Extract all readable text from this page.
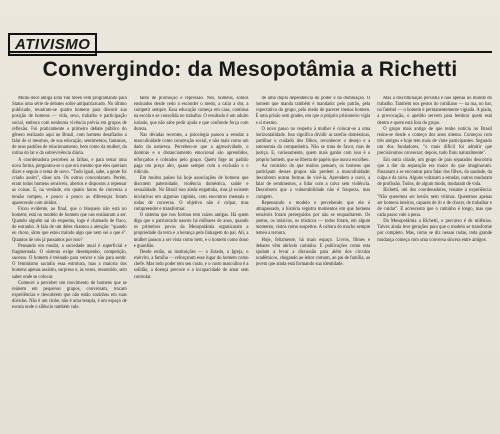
ATIVISMO
Convergindo: da Mesopotâmia a Richetti

Muito doce amiga Edla Van Steen vem programando para Status uma série de debates sobre antipatriarcado. No último publicado, reuniram-se quatro homens para discutir sua posição de homens — vida, sexo, trabalho e participação social, embora com nenhuma vivência prévia em grupos de reflexão. Foi praticamente o primeiro debate público do gênero realizado aqui no Brasil, com homens desafiados a falar de si mesmos, de sua educação, sentimentos, fantasias, de seus padrões de relacionamento, bem como da mulher, da rotina do lar e da sobrevivência diária.

A coordenadora percebeu as falhas, e para testar uma nova forma, perguntou-se o que era mesmo que eles queriam dizer e seguiu o tema de novo. "Tudo igual, sabe, a gente foi criado assim", disse um. Os outros concordaram. Porém, eram todos homens sensíveis, abertos e dispostos a repensar as coisas. E, na verdade, em quatro horas de conversa a tensão rompeu, e pouco a pouco as diferenças foram aparecendo com nitidez.

Ficou evidente, ao final, que o bloqueio não está no homem; está no modelo de homem que nos ensinaram a ser. Quando alguém sai do esquema, logo é chamado de fraco, de estranho. A fala de um deles chamou a atenção: "quando eu choro, sinto que estou traindo algo que nem sei o que é". Quantos de nós já passamos por isso?

Pensando em mudar, a sociedade atual é superficial e fragmentada. O sistema exige desempenho, competição, sucesso. O homem é treinado para vencer e não para sentir. O feminismo sacudiu essa estrutura, mas a maioria dos homens apenas assistiu, surpreso e, às vezes, ressentido, sem saber onde se colocar.

Comecei a perceber um movimento de homens que se reúnem em pequenos grupos, conversam, trocam experiências e descobrem que não estão sozinhos em suas dúvidas. Não é um clube, não é uma terapia, é um espaço de escuta onde o silêncio também vale.

tanto de promoção e repressão. Nós, homens, somos ensinados desde cedo a esconder o medo, a calar a dor, a competir sempre. Essa educação começa em casa, continua na escola e se consolida no trabalho. O resultado é um adulto isolado, que não sabe pedir ajuda e que confunde força com dureza.

Nas décadas recentes, a psicologia passou a estudar a masculinidade como construção social, e não mais como um dado da natureza. Percebeu-se que a agressividade, o domínio e o distanciamento emocional são aprendidos, reforçados e cobrados pelo grupo. Quem foge ao padrão paga um preço alto, quase sempre com a exclusão e o ridículo.

Em muitos países há hoje associações de homens que discutem paternidade, violência doméstica, saúde e sexualidade. No Brasil isso ainda engatinha, mas já existem iniciativas em algumas capitais, com encontros mensais e rodas de conversa. O objetivo não é culpar, mas compreender e transformar.

O sistema que nos formou tem raízes antigas. Há quem diga que o patriarcado nasceu há milhares de anos, quando os primeiros povos da Mesopotâmia organizaram a propriedade da terra e a herança pela linhagem do pai. Ali, a mulher passou a ser vista como bem, e o homem como dono e guardião.

Desde então, as instituições — o Estado, a Igreja, o exército, a família — reforçaram esse lugar do homem como chefe. Mas todo poder tem seu custo, e o custo masculino é a solidão, a doença precoce e a incapacidade de amar sem controlar.

de uma dupla dependência do poder e da dominação. O homem que manda também é mandado: pelo patrão, pela expectativa do grupo, pelo medo de parecer menos homem. É uma prisão sem grades, em que o próprio prisioneiro vigia a si mesmo.

O novo passo no respeito à mulher é colocar-se a uma horizontalidade. Isso significa dividir as tarefas domésticas, partilhar o cuidado dos filhos, reconhecer o desejo e a autonomia da companheira. Não se trata de favor, mas de justiça. E, curiosamente, quem mais ganha com isso é o próprio homem, que se liberta de papéis que nunca escolheu.

Ao contrário do que muitos pensam, os homens que participam desses grupos não perdem a masculinidade; descobrem outras formas de vivê-la. Aprendem a ouvir, a falar de sentimentos, a lidar com a raiva sem violência. Descobrem que a vulnerabilidade não é fraqueza, mas coragem.

Repensando o modelo e percebendo que ele é ultrapassado, a história registra momentos em que homens sensíveis foram perseguidos por não se enquadrarem. Os poetas, os músicos, os místicos — todos foram, em algum momento, vistos como suspeitos. A cultura do macho sempre temeu a ternura.

Hoje, felizmente, há mais espaço. Livros, filmes e debates vêm abrindo caminho. E publicações como esta ajudam a levar a discussão para além dos círculos acadêmicos, chegando ao leitor comum, ao pai de família, ao jovem que ainda está formando sua identidade.

Mas a discriminação persistia e não apenas no mundo do trabalho. Também nos gestos do cotidiano — na rua, no bar, no futebol — o homem é permanentemente vigiado. A piada, a provocação, o apelido servem para lembrar quem está dentro e quem está fora do grupo.

O grupo mais antigo de que tenho notícia no Brasil reúne-se desde o começo dos anos oitenta. Começou com três amigos e hoje tem mais de vinte participantes. Segundo um dos fundadores, "o mais difícil foi admitir que precisávamos conversar; depois, tudo fluiu naturalmente".

Em outra cidade, um grupo de pais separados descobriu que a dor da separação era maior do que imaginavam. Passaram a se encontrar para falar dos filhos, da saudade, da culpa e da raiva. Alguns voltaram a estudar, outros mudaram de profissão. Todos, de algum modo, mudaram de vida.

Richetti, um dos coordenadores, resume a experiência: "Não queremos ser heróis nem vítimas. Queremos apenas ser homens inteiros, capazes de rir e de chorar, de trabalhar e de cuidar". E acrescenta que o caminho é longo, mas que cada passo vale a pena.

Da Mesopotâmia a Richetti, o percurso é de milênios. Talvez ainda leve gerações para que o modelo se transforme por completo. Mas, como se diz nessas rodas, toda grande mudança começa com uma conversa sincera entre amigos.
